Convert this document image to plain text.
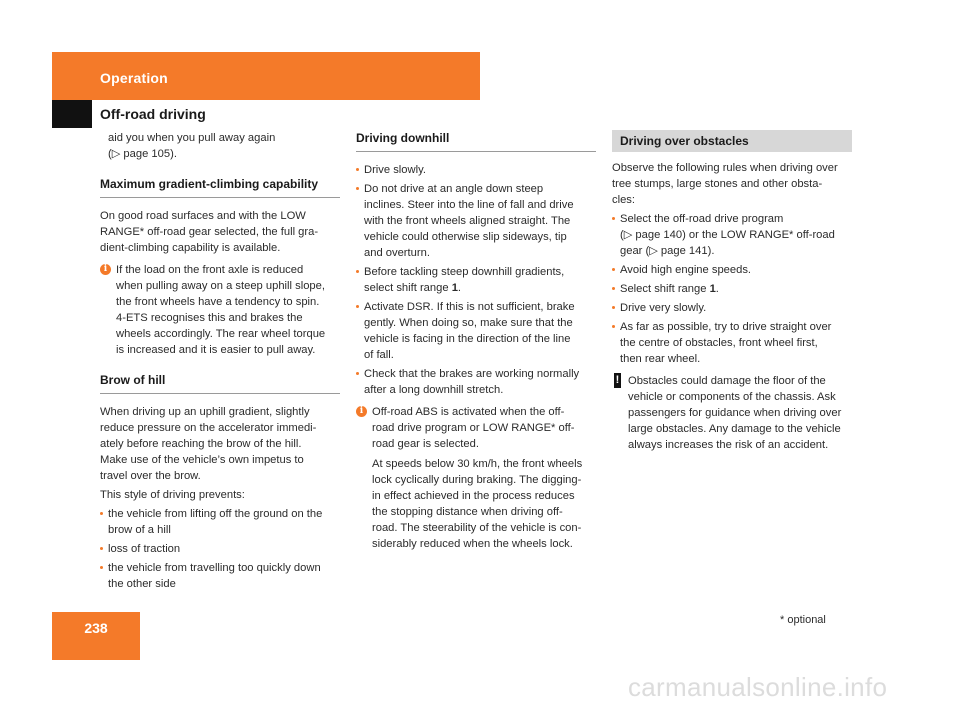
Operation
Off-road driving

aid you when you pull away again

(▷ page 105).

Maximum gradient-climbing capability

On good road surfaces and with the LOW

RANGE* off-road gear selected, the full gra-

dient-climbing capability is available.

i If the load on the front axle is reduced

when pulling away on a steep uphill slope,

the front wheels have a tendency to spin.

4-ETS recognises this and brakes the

wheels accordingly. The rear wheel torque

is increased and it is easier to pull away.

Brow of hill

When driving up an uphill gradient, slightly

reduce pressure on the accelerator immedi-

ately before reaching the brow of the hill.

Make use of the vehicle’s own impetus to

travel over the brow.

This style of driving prevents:

the vehicle from lifting off the ground on the

brow of a hill

loss of traction

the vehicle from travelling too quickly down

the other side

Driving downhill

Drive slowly.

Do not drive at an angle down steep

inclines. Steer into the line of fall and drive

with the front wheels aligned straight. The

vehicle could otherwise slip sideways, tip

and overturn.

Before tackling steep downhill gradients,

select shift range 1.

Activate DSR. If this is not sufficient, brake

gently. When doing so, make sure that the

vehicle is facing in the direction of the line

of fall.

Check that the brakes are working normally

after a long downhill stretch.

i Off-road ABS is activated when the off-

road drive program or LOW RANGE* off-

road gear is selected.

At speeds below 30 km/h, the front wheels

lock cyclically during braking. The digging-

in effect achieved in the process reduces

the stopping distance when driving off-

road. The steerability of the vehicle is con-

siderably reduced when the wheels lock.

Driving over obstacles

Observe the following rules when driving over

tree stumps, large stones and other obsta-

cles:

Select the off-road drive program

(▷ page 140) or the LOW RANGE* off-road

gear (▷ page 141).

Avoid high engine speeds.

Select shift range 1.

Drive very slowly.

As far as possible, try to drive straight over

the centre of obstacles, front wheel first,

then rear wheel.

! Obstacles could damage the floor of the

vehicle or components of the chassis. Ask

passengers for guidance when driving over

large obstacles. Any damage to the vehicle

always increases the risk of an accident.

238	* optional
carmanualsonline.info
